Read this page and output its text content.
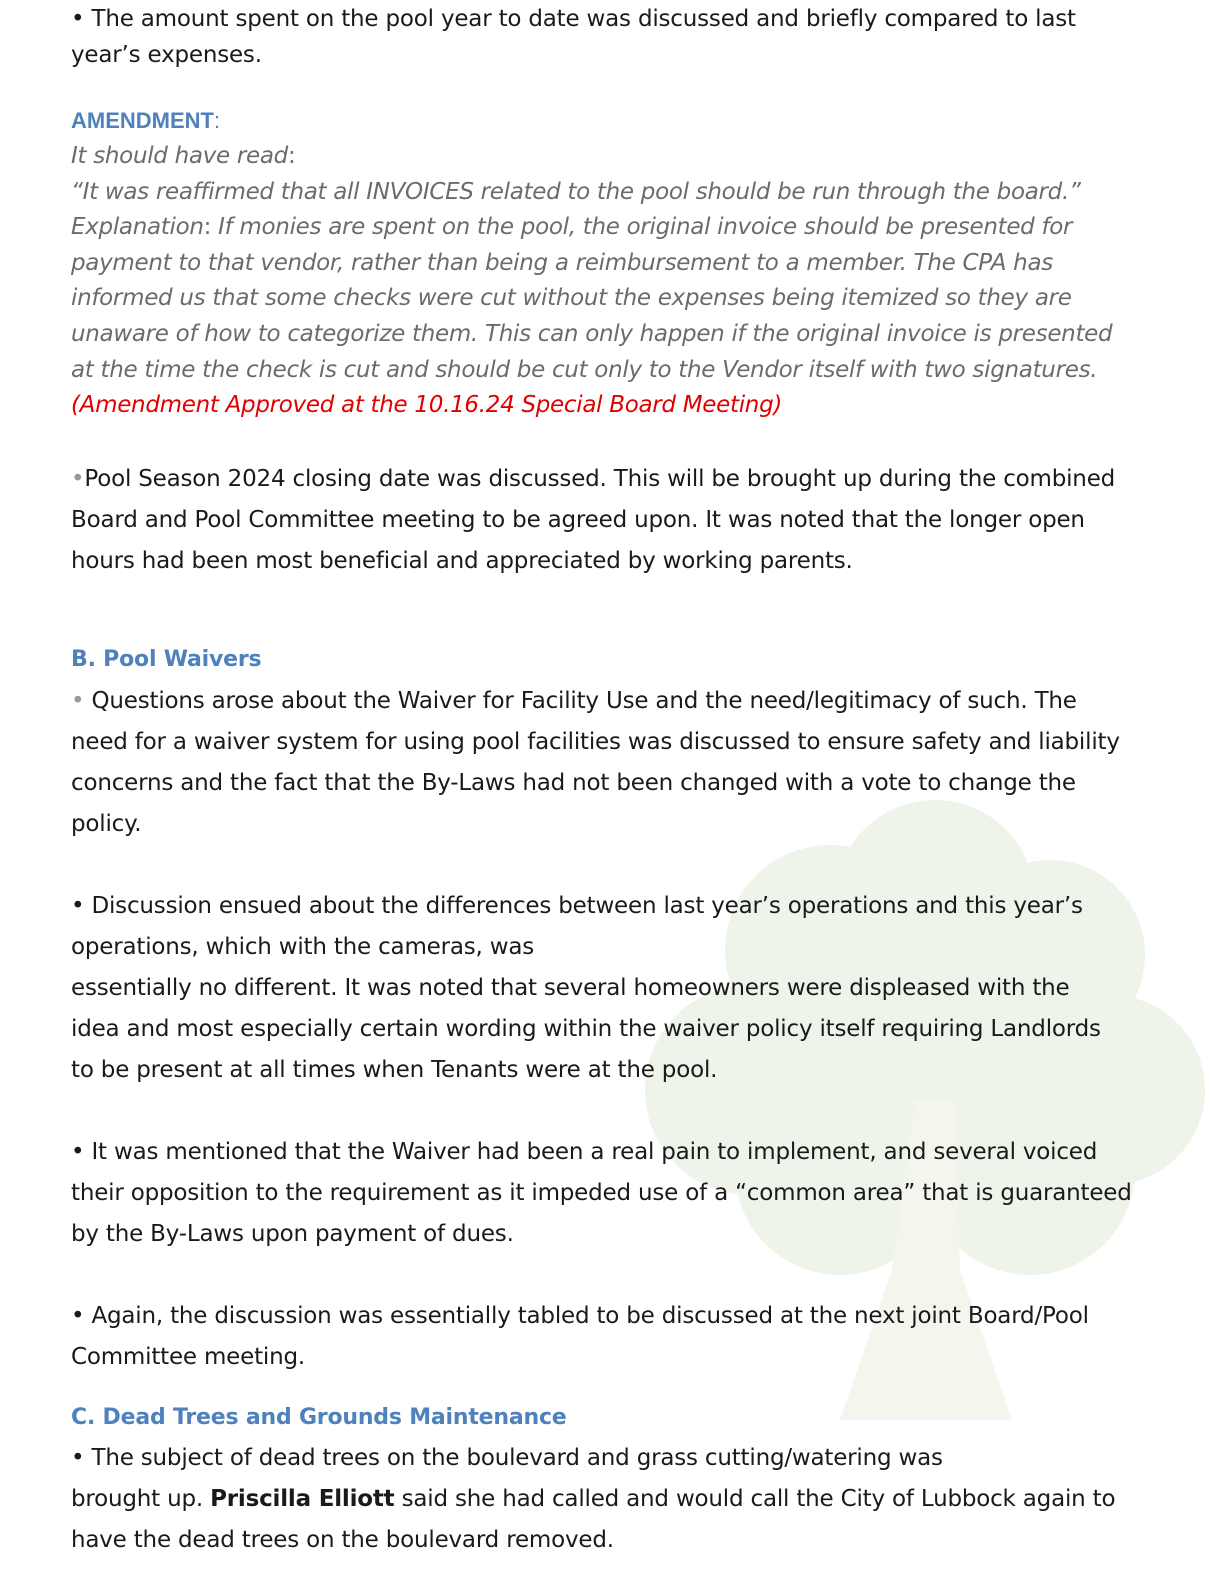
• The amount spent on the pool year to date was discussed and briefly compared to last year’s expenses.

AMENDMENT:

It should have read:

“It was reaffirmed that all INVOICES related to the pool should be run through the board.” Explanation: If monies are spent on the pool, the original invoice should be presented for payment to that vendor, rather than being a reimbursement to a member. The CPA has informed us that some checks were cut without the expenses being itemized so they are unaware of how to categorize them. This can only happen if the original invoice is presented at the time the check is cut and should be cut only to the Vendor itself with two signatures. (Amendment Approved at the 10.16.24 Special Board Meeting)

•Pool Season 2024 closing date was discussed. This will be brought up during the combined Board and Pool Committee meeting to be agreed upon. It was noted that the longer open hours had been most beneficial and appreciated by working parents.

B. Pool Waivers

• Questions arose about the Waiver for Facility Use and the need/legitimacy of such. The need for a waiver system for using pool facilities was discussed to ensure safety and liability concerns and the fact that the By-Laws had not been changed with a vote to change the policy.

• Discussion ensued about the differences between last year’s operations and this year’s operations, which with the cameras, was

essentially no different. It was noted that several homeowners were displeased with the idea and most especially certain wording within the waiver policy itself requiring Landlords to be present at all times when Tenants were at the pool.

• It was mentioned that the Waiver had been a real pain to implement, and several voiced their opposition to the requirement as it impeded use of a “common area” that is guaranteed by the By-Laws upon payment of dues.

• Again, the discussion was essentially tabled to be discussed at the next joint Board/Pool Committee meeting.

C. Dead Trees and Grounds Maintenance

• The subject of dead trees on the boulevard and grass cutting/watering was

brought up. Priscilla Elliott said she had called and would call the City of Lubbock again to have the dead trees on the boulevard removed.
